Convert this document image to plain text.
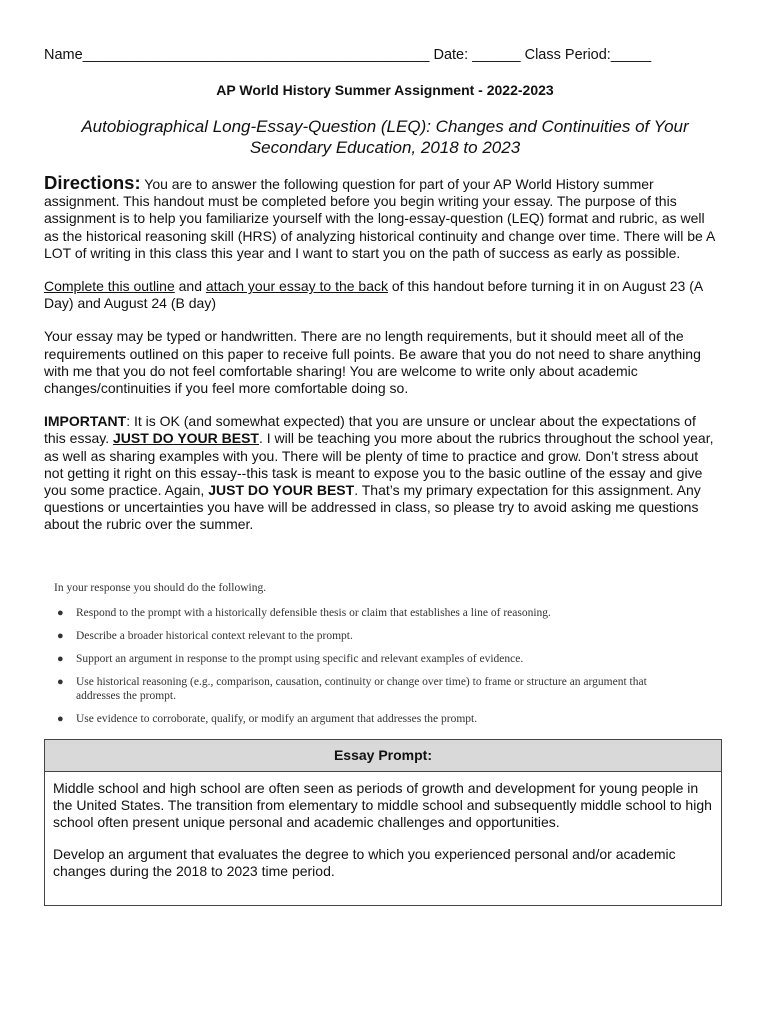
Name___________________________________________ Date: ______ Class Period:_____
AP World History Summer Assignment - 2022-2023
Autobiographical Long-Essay-Question (LEQ): Changes and Continuities of Your
Secondary Education, 2018 to 2023

Directions: You are to answer the following question for part of your AP World History summer assignment. This handout must be completed before you begin writing your essay. The purpose of this assignment is to help you familiarize yourself with the long-essay-question (LEQ) format and rubric, as well as the historical reasoning skill (HRS) of analyzing historical continuity and change over time. There will be A LOT of writing in this class this year and I want to start you on the path of success as early as possible.

Complete this outline and attach your essay to the back of this handout before turning it in on August 23 (A Day) and August 24 (B day)

Your essay may be typed or handwritten. There are no length requirements, but it should meet all of the requirements outlined on this paper to receive full points. Be aware that you do not need to share anything with me that you do not feel comfortable sharing! You are welcome to write only about academic changes/continuities if you feel more comfortable doing so.

IMPORTANT: It is OK (and somewhat expected) that you are unsure or unclear about the expectations of this essay. JUST DO YOUR BEST. I will be teaching you more about the rubrics throughout the school year, as well as sharing examples with you. There will be plenty of time to practice and grow. Don’t stress about not getting it right on this essay--this task is meant to expose you to the basic outline of the essay and give you some practice. Again, JUST DO YOUR BEST. That’s my primary expectation for this assignment. Any questions or uncertainties you have will be addressed in class, so please try to avoid asking me questions about the rubric over the summer.

In your response you should do the following.
● Respond to the prompt with a historically defensible thesis or claim that establishes a line of reasoning.
● Describe a broader historical context relevant to the prompt.
● Support an argument in response to the prompt using specific and relevant examples of evidence.
● Use historical reasoning (e.g., comparison, causation, continuity or change over time) to frame or structure an argument that addresses the prompt.
● Use evidence to corroborate, qualify, or modify an argument that addresses the prompt.
Essay Prompt:

Middle school and high school are often seen as periods of growth and development for young people in the United States. The transition from elementary to middle school and subsequently middle school to high school often present unique personal and academic challenges and opportunities.

Develop an argument that evaluates the degree to which you experienced personal and/or academic changes during the 2018 to 2023 time period.
